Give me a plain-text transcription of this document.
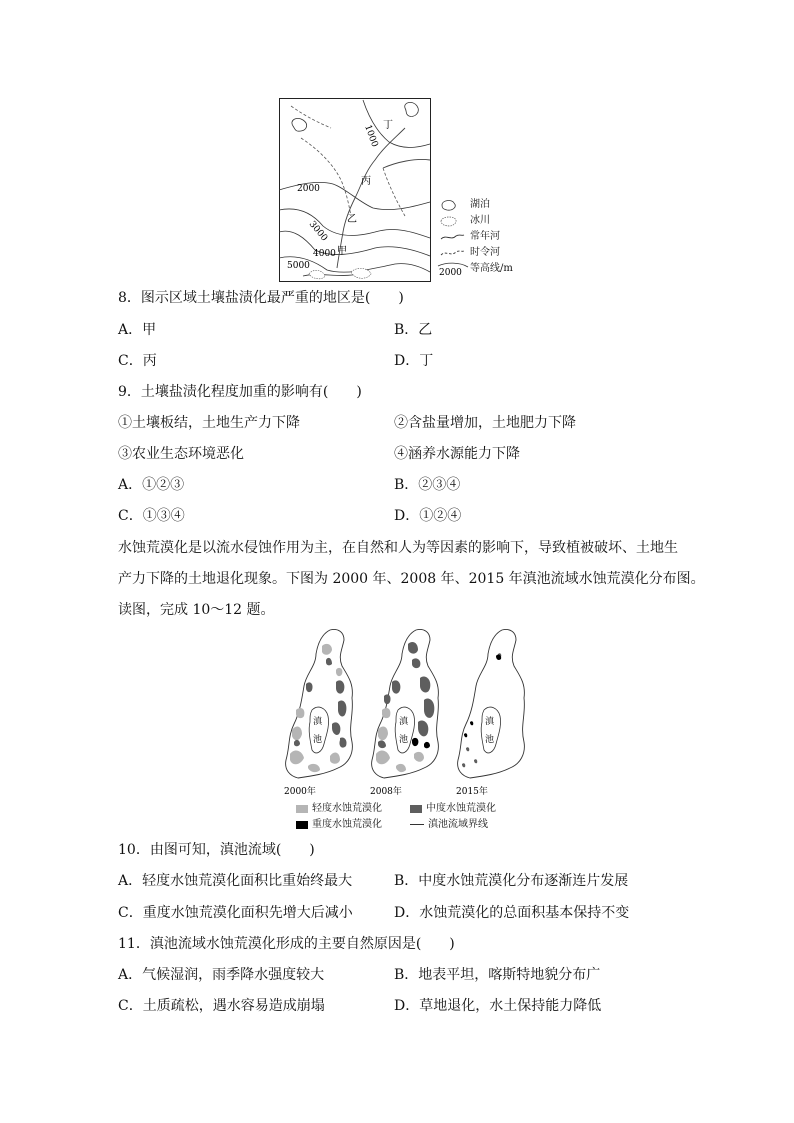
1000
2000
3000
4000
5000
丁
丙
乙
甲
湖泊
冰川
常年河
时令河
2000 等高线/m
8．图示区域土壤盐渍化最严重的地区是(　　)
A．甲	B．乙
C．丙	D．丁
9．土壤盐渍化程度加重的影响有(　　)
①土壤板结，土地生产力下降	②含盐量增加，土地肥力下降
③农业生态环境恶化	④涵养水源能力下降
A．①②③	B．②③④
C．①③④	D．①②④
水蚀荒漠化是以流水侵蚀作用为主，在自然和人为等因素的影响下，导致植被破坏、土地生
产力下降的土地退化现象。下图为 2000 年、2008 年、2015 年滇池流域水蚀荒漠化分布图。
读图，完成 10～12 题。
滇
池
2000年
滇
池
2008年
滇
池
2015年
轻度水蚀荒漠化	中度水蚀荒漠化
重度水蚀荒漠化	滇池流域界线
10．由图可知，滇池流域(　　)
A．轻度水蚀荒漠化面积比重始终最大	B．中度水蚀荒漠化分布逐渐连片发展
C．重度水蚀荒漠化面积先增大后减小	D．水蚀荒漠化的总面积基本保持不变
11．滇池流域水蚀荒漠化形成的主要自然原因是(　　)
A．气候湿润，雨季降水强度较大	B．地表平坦，喀斯特地貌分布广
C．土质疏松，遇水容易造成崩塌	D．草地退化，水土保持能力降低
